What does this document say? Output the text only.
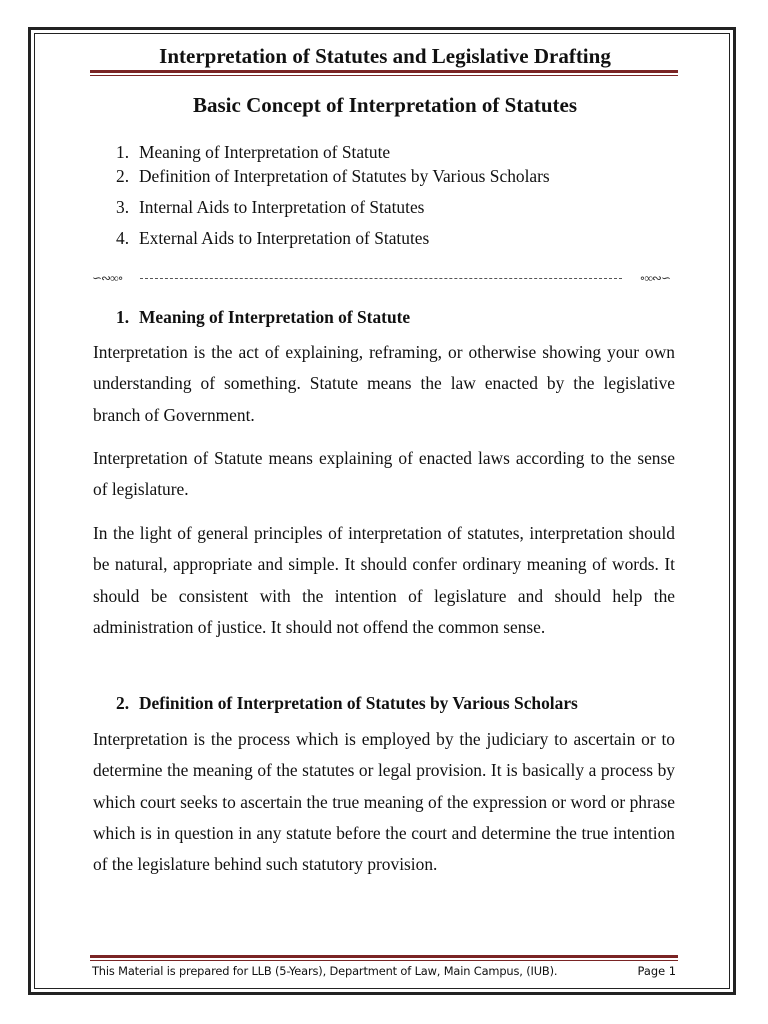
Interpretation of Statutes and Legislative Drafting
Basic Concept of Interpretation of Statutes
1. Meaning of Interpretation of Statute
2. Definition of Interpretation of Statutes by Various Scholars
3. Internal Aids to Interpretation of Statutes
4. External Aids to Interpretation of Statutes
∽∾∞∘	∘∞∾∽
1. Meaning of Interpretation of Statute

Interpretation is the act of explaining, reframing, or otherwise showing your own understanding of something. Statute means the law enacted by the legislative branch of Government.

Interpretation of Statute means explaining of enacted laws according to the sense of legislature.

In the light of general principles of interpretation of statutes, interpretation should be natural, appropriate and simple. It should confer ordinary meaning of words. It should be consistent with the intention of legislature and should help the administration of justice. It should not offend the common sense.

2. Definition of Interpretation of Statutes by Various Scholars

Interpretation is the process which is employed by the judiciary to ascertain or to determine the meaning of the statutes or legal provision. It is basically a process by which court seeks to ascertain the true meaning of the expression or word or phrase which is in question in any statute before the court and determine the true intention of the legislature behind such statutory provision.

This Material is prepared for LLB (5-Years), Department of Law, Main Campus, (IUB).	Page 1
